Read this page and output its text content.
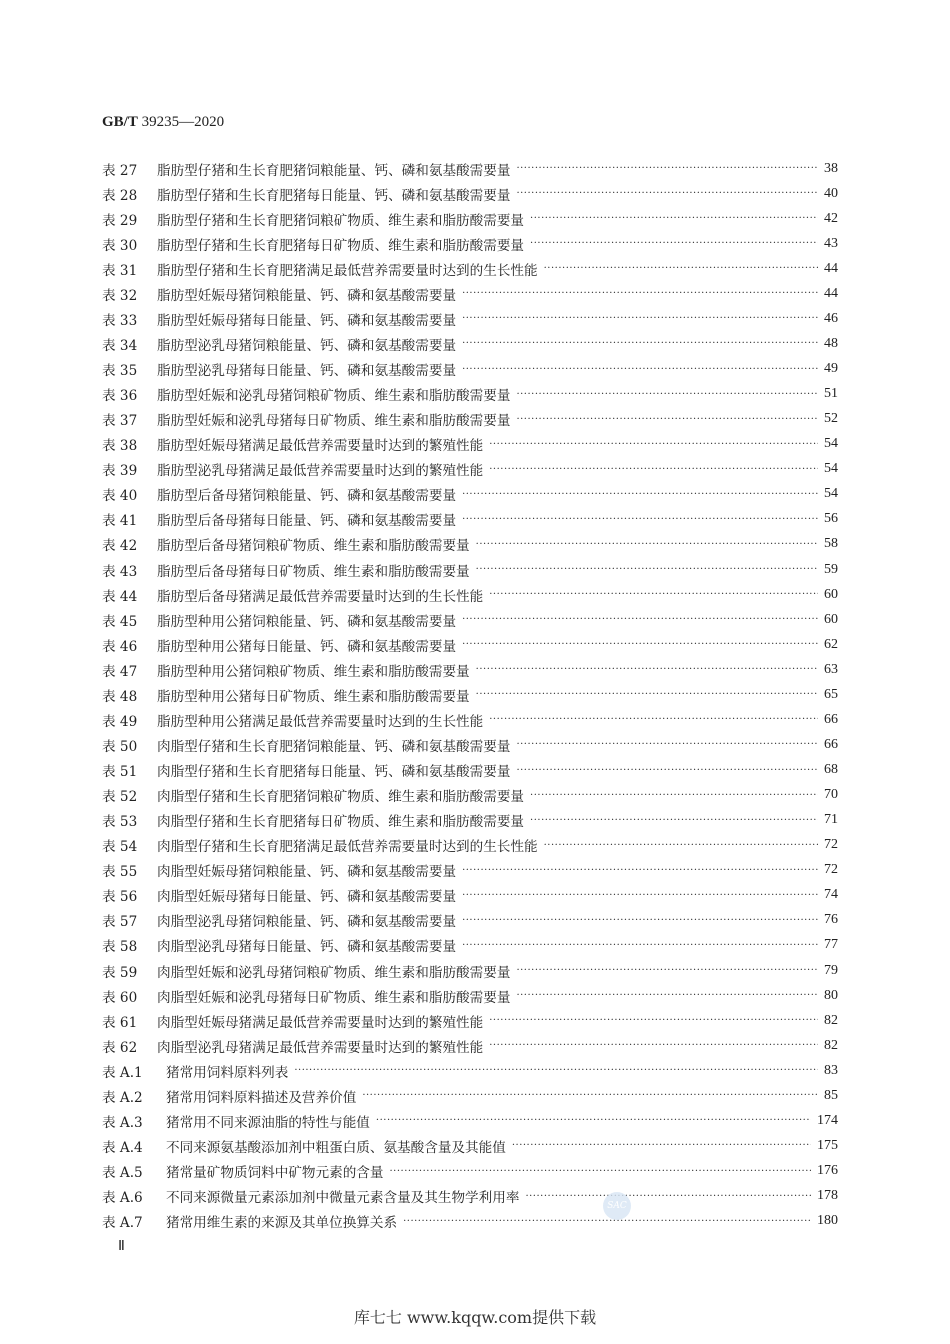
GB/T 39235—2020
表 27	脂肪型仔猪和生长育肥猪饲粮能量、钙、磷和氨基酸需要量 ·····	38
表 28	脂肪型仔猪和生长育肥猪每日能量、钙、磷和氨基酸需要量 ·····	40
表 29	脂肪型仔猪和生长育肥猪饲粮矿物质、维生素和脂肪酸需要量 ·····	42
表 30	脂肪型仔猪和生长育肥猪每日矿物质、维生素和脂肪酸需要量 ·····	43
表 31	脂肪型仔猪和生长育肥猪满足最低营养需要量时达到的生长性能 ·····	44
表 32	脂肪型妊娠母猪饲粮能量、钙、磷和氨基酸需要量 ·····	44
表 33	脂肪型妊娠母猪每日能量、钙、磷和氨基酸需要量 ·····	46
表 34	脂肪型泌乳母猪饲粮能量、钙、磷和氨基酸需要量 ·····	48
表 35	脂肪型泌乳母猪每日能量、钙、磷和氨基酸需要量 ·····	49
表 36	脂肪型妊娠和泌乳母猪饲粮矿物质、维生素和脂肪酸需要量 ·····	51
表 37	脂肪型妊娠和泌乳母猪每日矿物质、维生素和脂肪酸需要量 ·····	52
表 38	脂肪型妊娠母猪满足最低营养需要量时达到的繁殖性能 ·····	54
表 39	脂肪型泌乳母猪满足最低营养需要量时达到的繁殖性能 ·····	54
表 40	脂肪型后备母猪饲粮能量、钙、磷和氨基酸需要量 ·····	54
表 41	脂肪型后备母猪每日能量、钙、磷和氨基酸需要量 ·····	56
表 42	脂肪型后备母猪饲粮矿物质、维生素和脂肪酸需要量 ·····	58
表 43	脂肪型后备母猪每日矿物质、维生素和脂肪酸需要量 ·····	59
表 44	脂肪型后备母猪满足最低营养需要量时达到的生长性能 ·····	60
表 45	脂肪型种用公猪饲粮能量、钙、磷和氨基酸需要量 ·····	60
表 46	脂肪型种用公猪每日能量、钙、磷和氨基酸需要量 ·····	62
表 47	脂肪型种用公猪饲粮矿物质、维生素和脂肪酸需要量 ·····	63
表 48	脂肪型种用公猪每日矿物质、维生素和脂肪酸需要量 ·····	65
表 49	脂肪型种用公猪满足最低营养需要量时达到的生长性能 ·····	66
表 50	肉脂型仔猪和生长育肥猪饲粮能量、钙、磷和氨基酸需要量 ·····	66
表 51	肉脂型仔猪和生长育肥猪每日能量、钙、磷和氨基酸需要量 ·····	68
表 52	肉脂型仔猪和生长育肥猪饲粮矿物质、维生素和脂肪酸需要量 ·····	70
表 53	肉脂型仔猪和生长育肥猪每日矿物质、维生素和脂肪酸需要量 ·····	71
表 54	肉脂型仔猪和生长育肥猪满足最低营养需要量时达到的生长性能 ·····	72
表 55	肉脂型妊娠母猪饲粮能量、钙、磷和氨基酸需要量 ·····	72
表 56	肉脂型妊娠母猪每日能量、钙、磷和氨基酸需要量 ·····	74
表 57	肉脂型泌乳母猪饲粮能量、钙、磷和氨基酸需要量 ·····	76
表 58	肉脂型泌乳母猪每日能量、钙、磷和氨基酸需要量 ·····	77
表 59	肉脂型妊娠和泌乳母猪饲粮矿物质、维生素和脂肪酸需要量 ·····	79
表 60	肉脂型妊娠和泌乳母猪每日矿物质、维生素和脂肪酸需要量 ·····	80
表 61	肉脂型妊娠母猪满足最低营养需要量时达到的繁殖性能 ·····	82
表 62	肉脂型泌乳母猪满足最低营养需要量时达到的繁殖性能 ·····	82
表 A.1	猪常用饲料原料列表 ·····	83
表 A.2	猪常用饲料原料描述及营养价值 ·····	85
表 A.3	猪常用不同来源油脂的特性与能值 ·····	174
表 A.4	不同来源氨基酸添加剂中粗蛋白质、氨基酸含量及其能值 ·····	175
表 A.5	猪常量矿物质饲料中矿物元素的含量 ·····	176
表 A.6	不同来源微量元素添加剂中微量元素含量及其生物学利用率 ·····	178
表 A.7	猪常用维生素的来源及其单位换算关系 ·····	180
SAC
Ⅱ
库七七 www.kqqw.com提供下载
